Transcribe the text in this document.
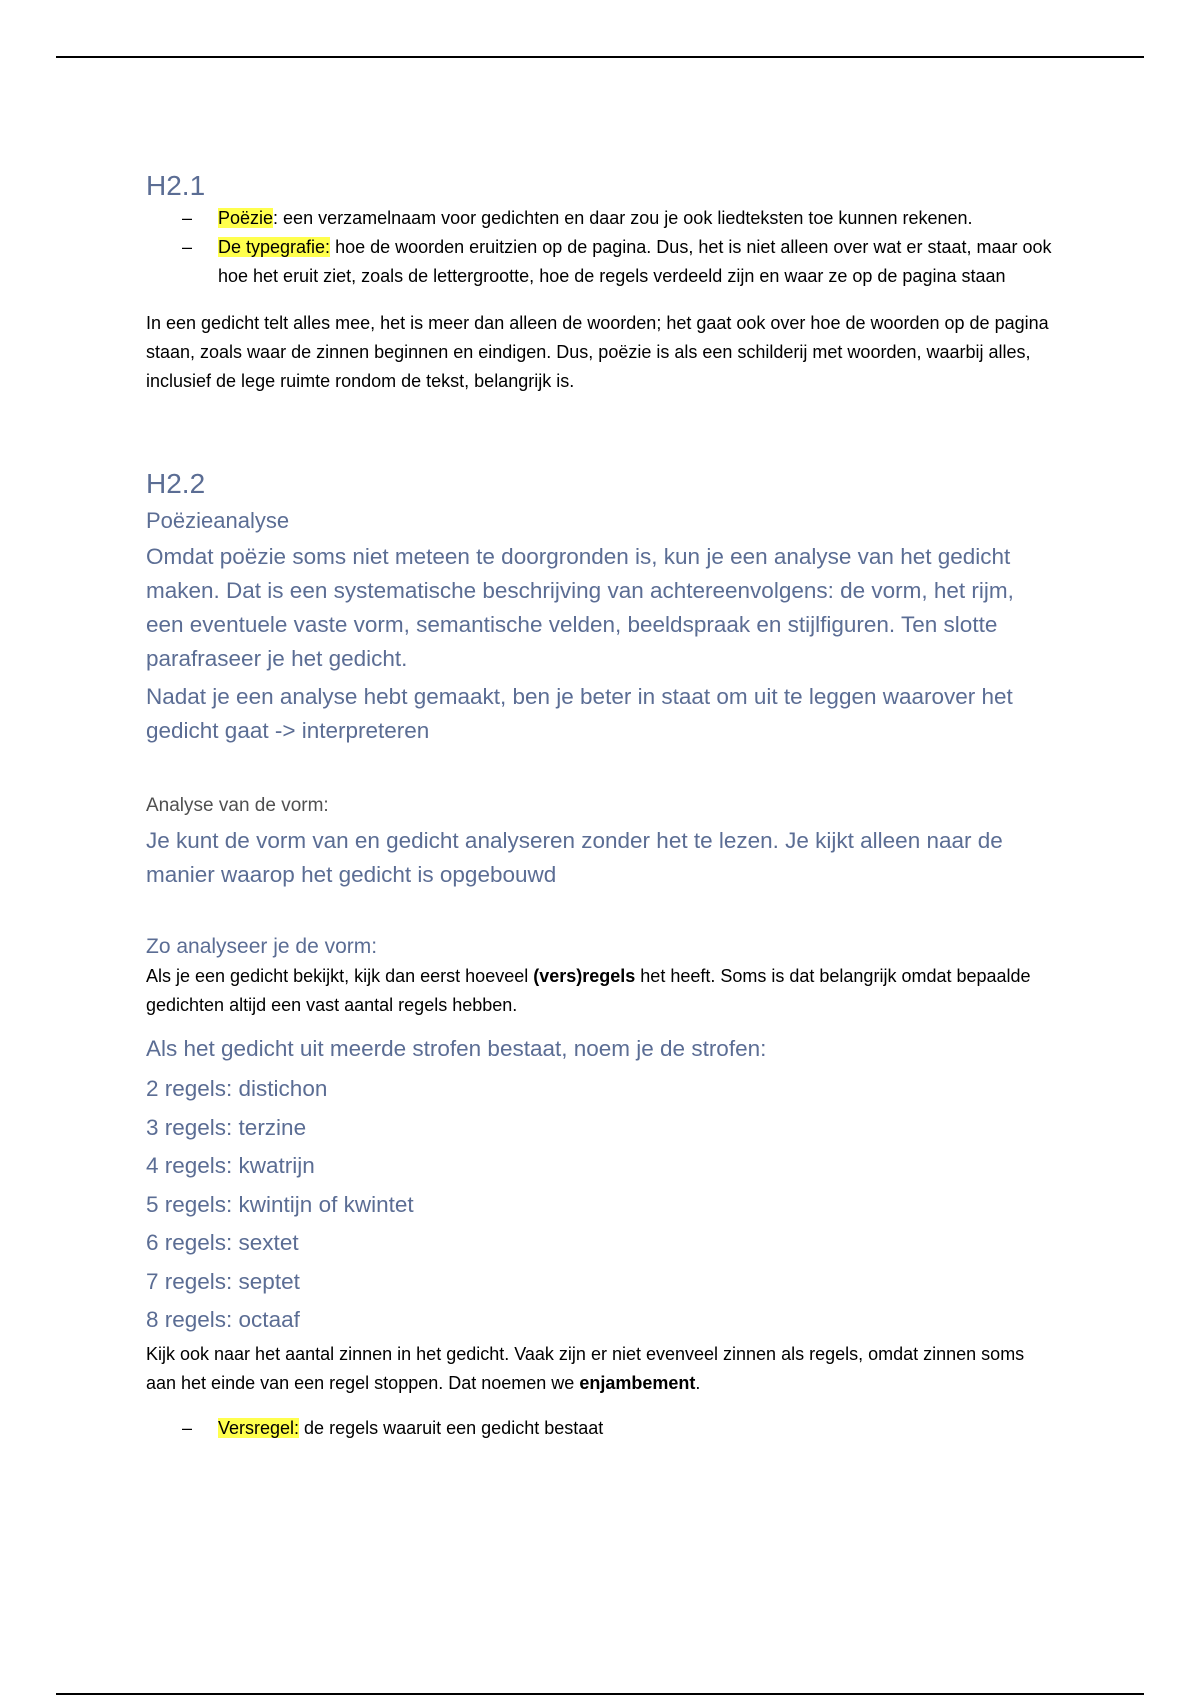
H2.1
– Poëzie: een verzamelnaam voor gedichten en daar zou je ook liedteksten toe kunnen rekenen.
– De typegrafie: hoe de woorden eruitzien op de pagina. Dus, het is niet alleen over wat er staat, maar ook hoe het eruit ziet, zoals de lettergrootte, hoe de regels verdeeld zijn en waar ze op de pagina staan

In een gedicht telt alles mee, het is meer dan alleen de woorden; het gaat ook over hoe de woorden op de pagina staan, zoals waar de zinnen beginnen en eindigen. Dus, poëzie is als een schilderij met woorden, waarbij alles, inclusief de lege ruimte rondom de tekst, belangrijk is.

H2.2

Poëzieanalyse

Omdat poëzie soms niet meteen te doorgronden is, kun je een analyse van het gedicht maken. Dat is een systematische beschrijving van achtereenvolgens: de vorm, het rijm, een eventuele vaste vorm, semantische velden, beeldspraak en stijlfiguren. Ten slotte parafraseer je het gedicht.

Nadat je een analyse hebt gemaakt, ben je beter in staat om uit te leggen waarover het gedicht gaat -> interpreteren

Analyse van de vorm:

Je kunt de vorm van en gedicht analyseren zonder het te lezen. Je kijkt alleen naar de manier waarop het gedicht is opgebouwd

Zo analyseer je de vorm:

Als je een gedicht bekijkt, kijk dan eerst hoeveel (vers)regels het heeft. Soms is dat belangrijk omdat bepaalde gedichten altijd een vast aantal regels hebben.

Als het gedicht uit meerde strofen bestaat, noem je de strofen:

2 regels: distichon

3 regels: terzine

4 regels: kwatrijn

5 regels: kwintijn of kwintet

6 regels: sextet

7 regels: septet

8 regels: octaaf

Kijk ook naar het aantal zinnen in het gedicht. Vaak zijn er niet evenveel zinnen als regels, omdat zinnen soms aan het einde van een regel stoppen. Dat noemen we enjambement.

– Versregel: de regels waaruit een gedicht bestaat
